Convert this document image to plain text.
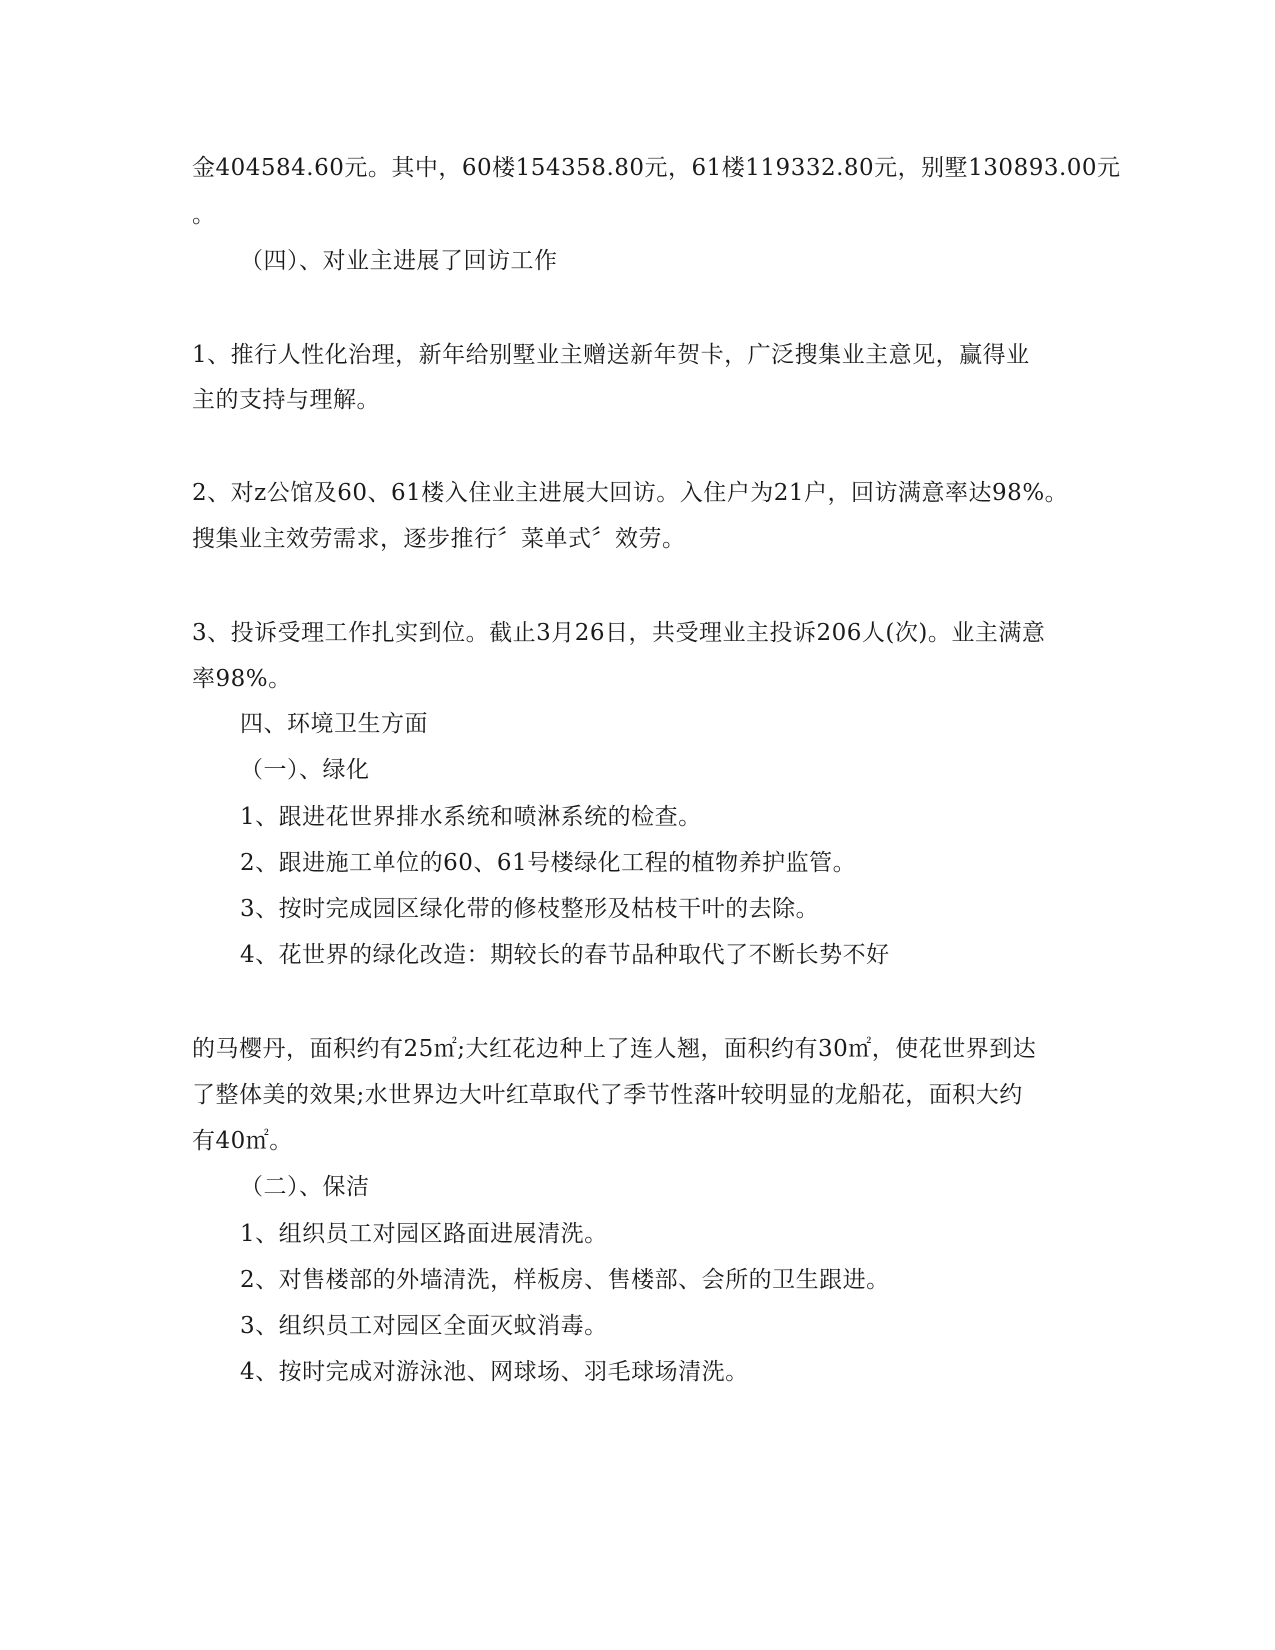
金404584.60元。其中，60楼154358.80元，61楼119332.80元，别墅130893.00元
。
（四）、对业主进展了回访工作
1、推行人性化治理，新年给别墅业主赠送新年贺卡，广泛搜集业主意见，赢得业
主的支持与理解。
2、对z公馆及60、61楼入住业主进展大回访。入住户为21户，回访满意率达98%。
搜集业主效劳需求，逐步推行〞菜单式〞效劳。
3、投诉受理工作扎实到位。截止3月26日，共受理业主投诉206人(次)。业主满意
率98%。
四、环境卫生方面
（一）、绿化
1、跟进花世界排水系统和喷淋系统的检查。
2、跟进施工单位的60、61号楼绿化工程的植物养护监管。
3、按时完成园区绿化带的修枝整形及枯枝干叶的去除。
4、花世界的绿化改造：期较长的春节品种取代了不断长势不好
的马樱丹，面积约有25㎡;大红花边种上了连人翘，面积约有30㎡，使花世界到达
了整体美的效果;水世界边大叶红草取代了季节性落叶较明显的龙船花，面积大约
有40㎡。
（二）、保洁
1、组织员工对园区路面进展清洗。
2、对售楼部的外墙清洗，样板房、售楼部、会所的卫生跟进。
3、组织员工对园区全面灭蚊消毒。
4、按时完成对游泳池、网球场、羽毛球场清洗。
